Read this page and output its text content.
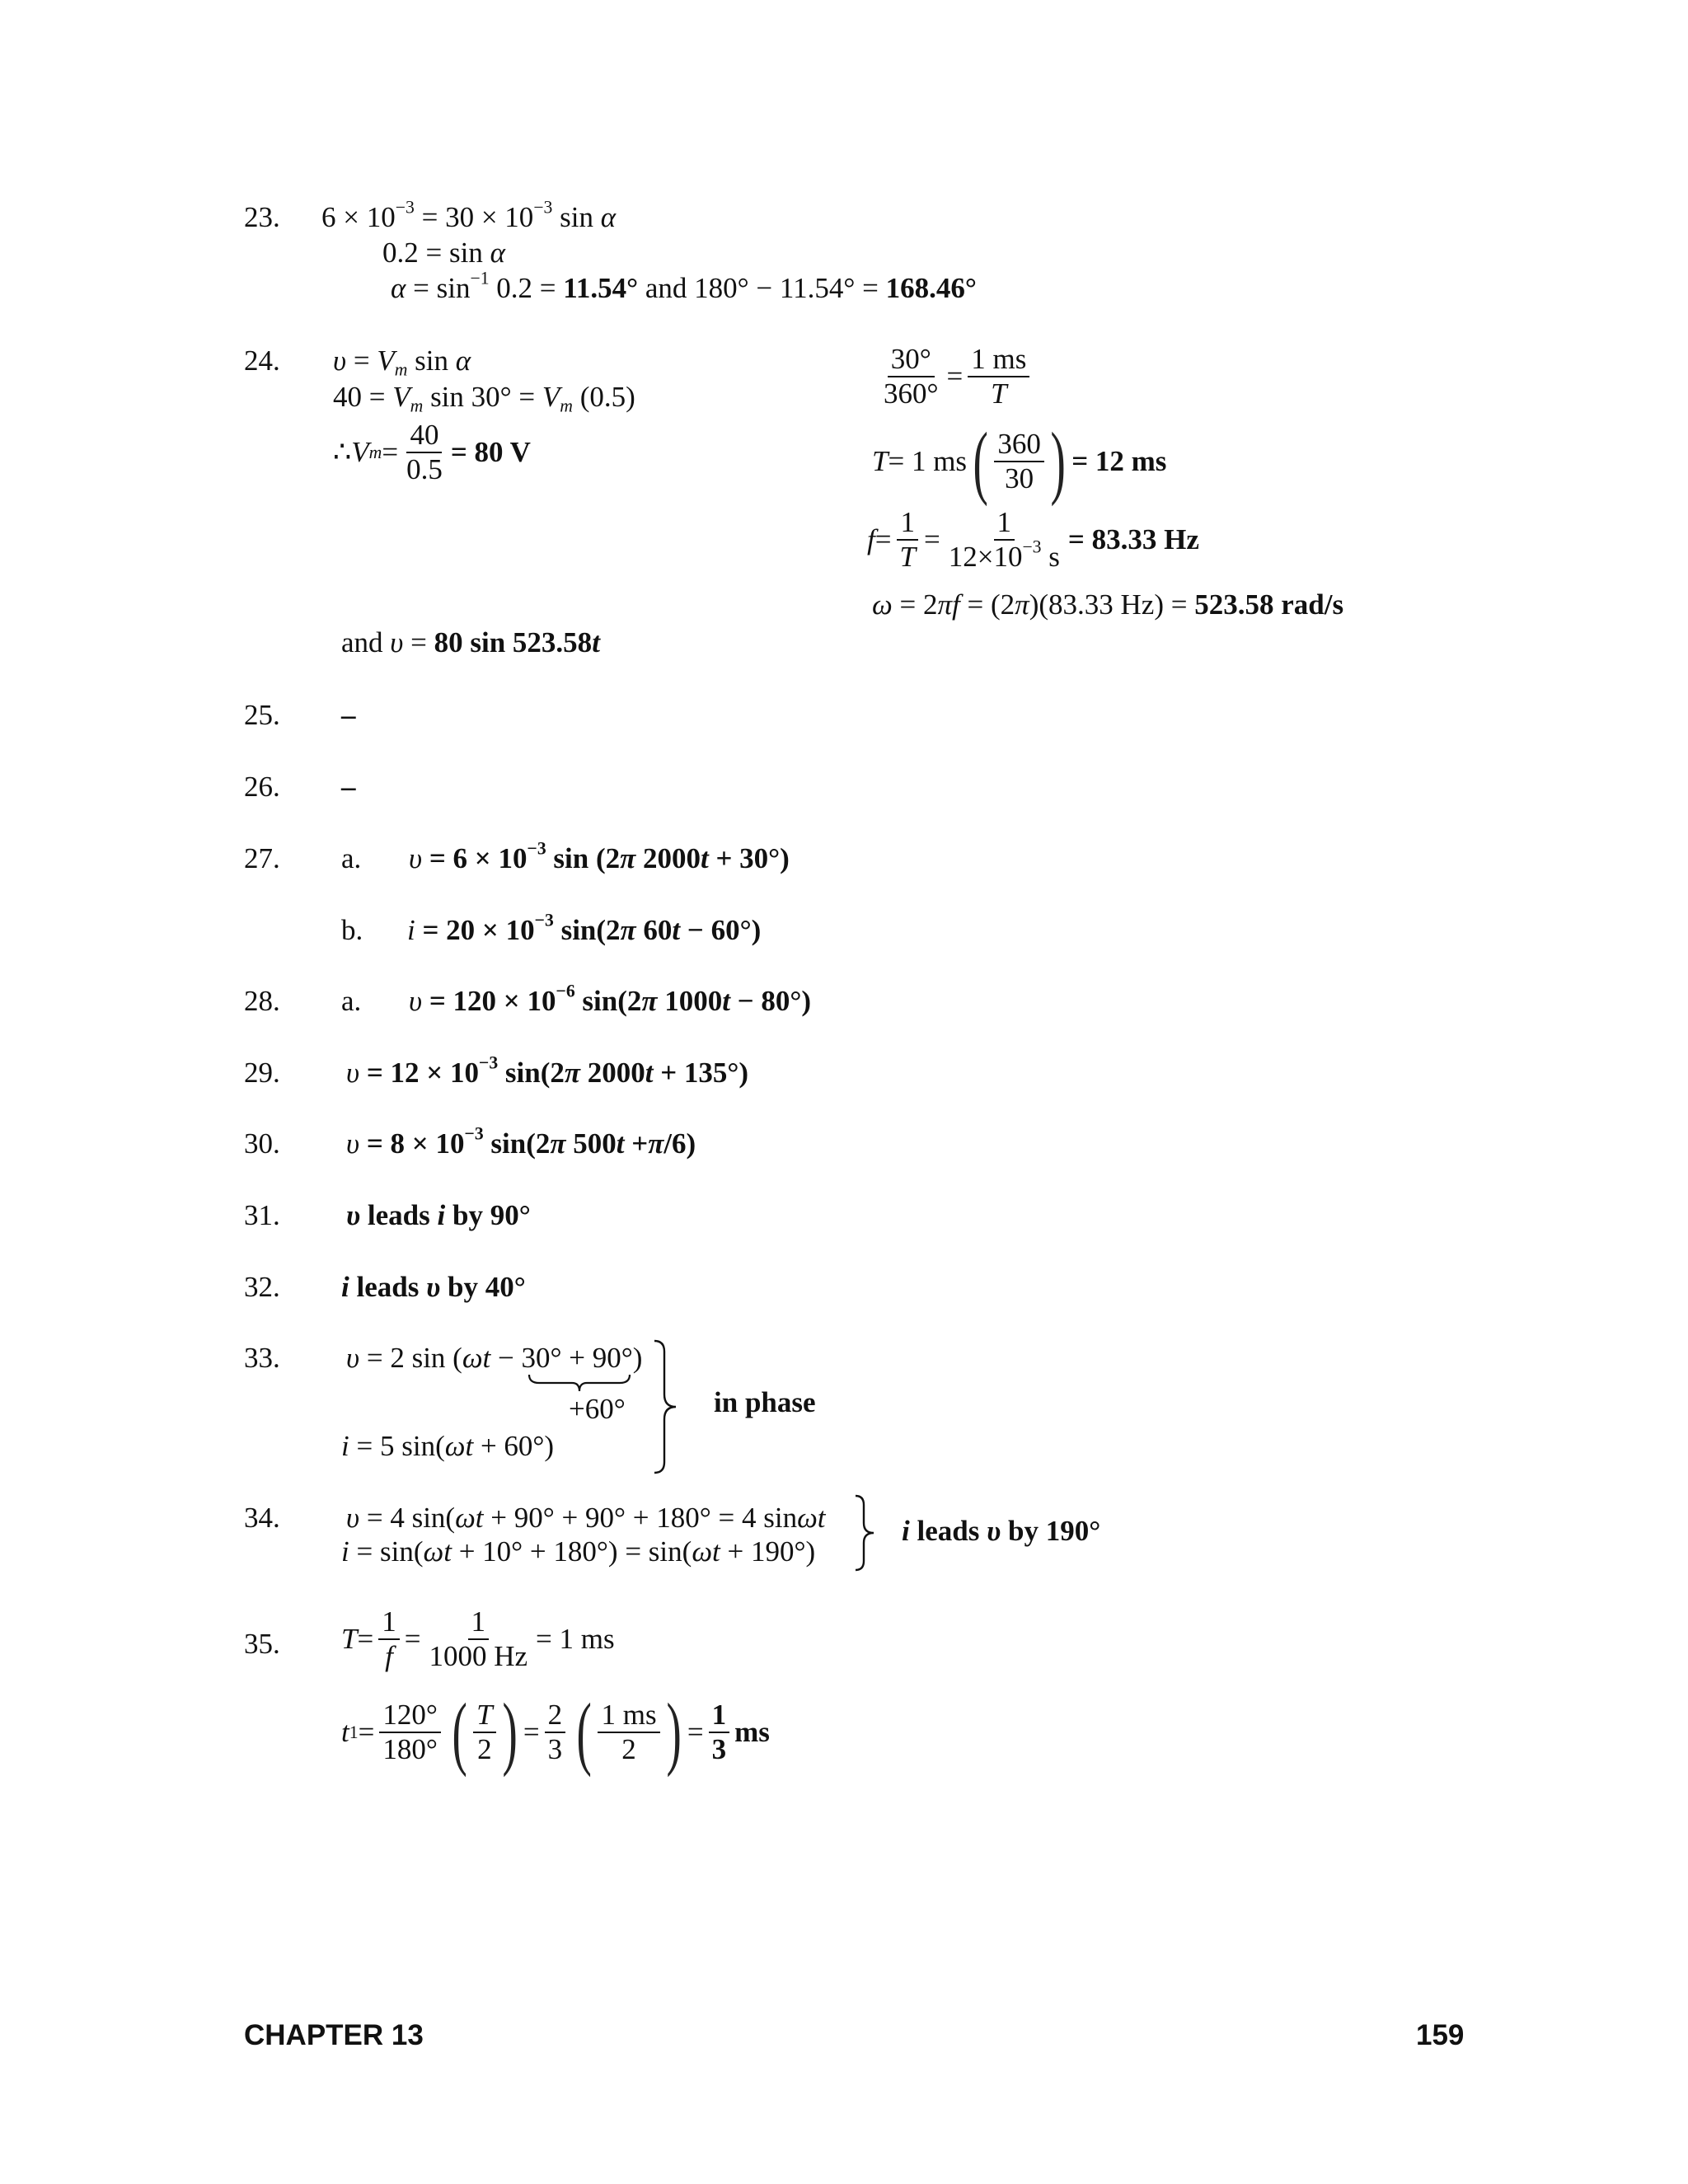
23. $6 \times 10^{-3} = 30 \times 10^{-3}$ sin α
0.2 = sin α
$\alpha = \sin^{-1} 0.2 = 11.54^\circ$ and 180° − 11.54° = 168.46°
24. $\upsilon = V_m$ sin α
$40 = V_m$ $\sin 30^\circ = V_m$ (0.5)
∴ V $m = \frac{40}{0.5} = 80$ V
$\frac{30^\circ}{360^\circ} = \frac{1 ms}{T}$
T = 1 ms ( $\frac{360}{30}$ ) = 12 ms
$f = \frac{1}{T} = \frac{1}{12\times 10^{-3} s} = 83.33$ Hz
ω = 2πf = (2π)(83.33 Hz) = 523.58 rad/s
and υ = 80 sin 523.58t
25. –
26. –
27. a. $\upsilon = 6 \times 10^{-3}$ sin (2π 2000t + 30°)
b. $i = 20 \times 10^{-3}$ sin(2π 60t − 60°)
28. a. $\upsilon = 120 \times 10^{-6}$ sin(2π 1000t − 80°)
29. $\upsilon = 12 \times 10^{-3}$ sin(2π 2000t + 135°)
30. $\upsilon = 8 \times 10^{-3}$ sin(2π 500t +π/6)
31. υ leads i by 90°
32. i leads υ by 40°
33. υ = 2 sin (ωt − 30° + 90°)
+60°
i = 5 sin(ωt + 60°)
in phase
34. υ = 4 sin(ωt + 90° + 90° + 180° = 4 sinωt
i = sin(ωt + 10° + 180°) = sin(ωt + 190°)
i leads υ by 190°
35. $T = \frac{1}{f} = \frac{1}{1000 Hz} = 1$ ms
t $1 = \frac{120^\circ}{180^\circ}$ ( $\frac{T}{2}$ ) = $\frac{2}{3}$ ( $\frac{1 ms}{2}$ ) = $\frac{1}{3}$ ms
CHAPTER 13	159
